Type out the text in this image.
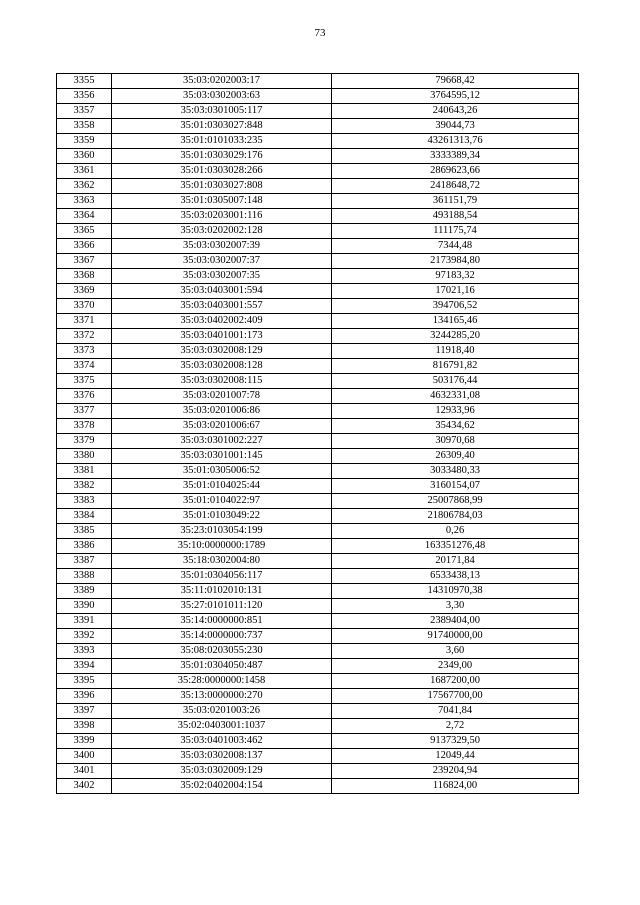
73
3355	35:03:0202003:17	79668,42
3356	35:03:0302003:63	3764595,12
3357	35:03:0301005:117	240643,26
3358	35:01:0303027:848	39044,73
3359	35:01:0101033:235	43261313,76
3360	35:01:0303029:176	3333389,34
3361	35:01:0303028:266	2869623,66
3362	35:01:0303027:808	2418648,72
3363	35:01:0305007:148	361151,79
3364	35:03:0203001:116	493188,54
3365	35:03:0202002:128	111175,74
3366	35:03:0302007:39	7344,48
3367	35:03:0302007:37	2173984,80
3368	35:03:0302007:35	97183,32
3369	35:03:0403001:594	17021,16
3370	35:03:0403001:557	394706,52
3371	35:03:0402002:409	134165,46
3372	35:03:0401001:173	3244285,20
3373	35:03:0302008:129	11918,40
3374	35:03:0302008:128	816791,82
3375	35:03:0302008:115	503176,44
3376	35:03:0201007:78	4632331,08
3377	35:03:0201006:86	12933,96
3378	35:03:0201006:67	35434,62
3379	35:03:0301002:227	30970,68
3380	35:03:0301001:145	26309,40
3381	35:01:0305006:52	3033480,33
3382	35:01:0104025:44	3160154,07
3383	35:01:0104022:97	25007868,99
3384	35:01:0103049:22	21806784,03
3385	35:23:0103054:199	0,26
3386	35:10:0000000:1789	163351276,48
3387	35:18:0302004:80	20171,84
3388	35:01:0304056:117	6533438,13
3389	35:11:0102010:131	14310970,38
3390	35:27:0101011:120	3,30
3391	35:14:0000000:851	2389404,00
3392	35:14:0000000:737	91740000,00
3393	35:08:0203055:230	3,60
3394	35:01:0304050:487	2349,00
3395	35:28:0000000:1458	1687200,00
3396	35:13:0000000:270	17567700,00
3397	35:03:0201003:26	7041,84
3398	35:02:0403001:1037	2,72
3399	35:03:0401003:462	9137329,50
3400	35:03:0302008:137	12049,44
3401	35:03:0302009:129	239204,94
3402	35:02:0402004:154	116824,00
